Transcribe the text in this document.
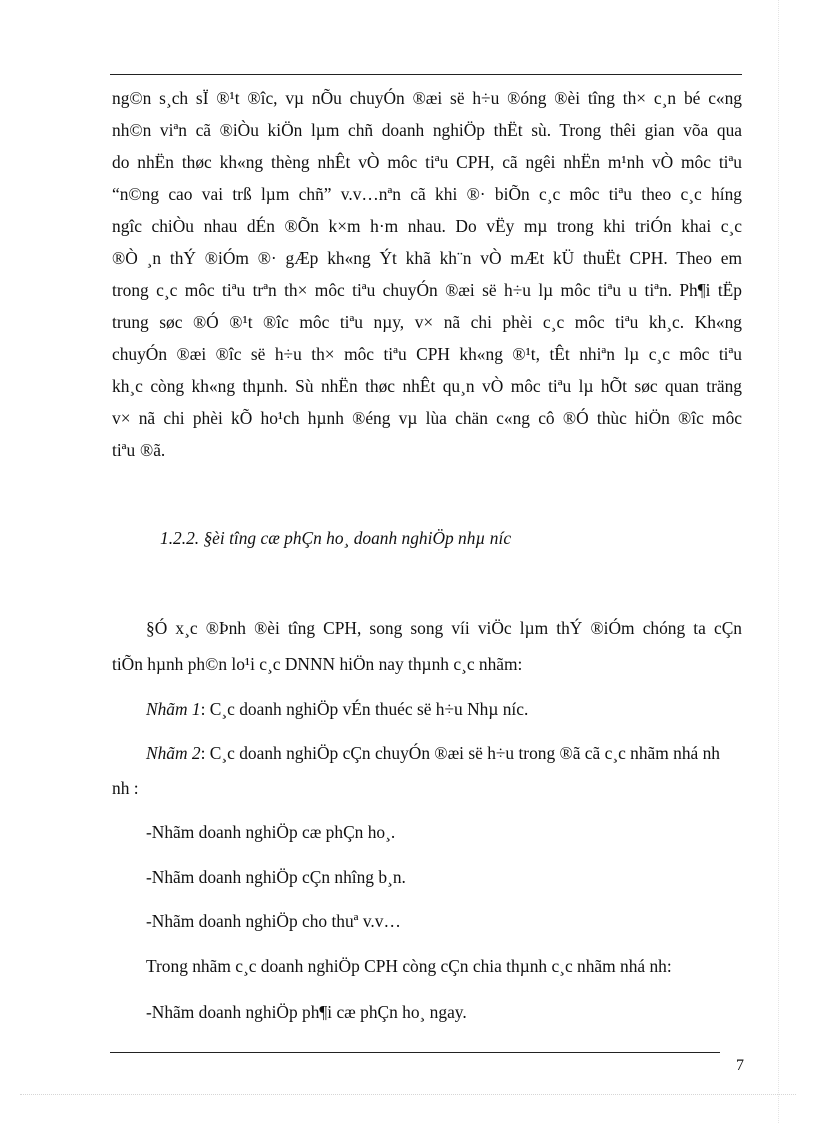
ng©n s¸ch sÏ ®¹t ®îc, vµ nÕu chuyÓn ®æi së h÷u ®óng ®èi tîng th× c¸n bé c«ng
nh©n viªn cã ®iÒu kiÖn lµm chñ doanh nghiÖp thËt sù. Trong thêi gian võa qua
do nhËn thøc kh«ng thèng nhÊt vÒ môc tiªu CPH, cã ngêi nhËn m¹nh vÒ môc tiªu
“n©ng cao vai trß lµm chñ” v.v…nªn cã khi ®· biÕn c¸c môc tiªu theo c¸c híng
ngîc chiÒu nhau dÉn ®Õn k×m h·m nhau. Do vËy mµ trong khi triÓn khai c¸c
®Ò ¸n thÝ ®iÓm ®· gÆp kh«ng Ýt khã kh¨n vÒ mÆt kÜ thuËt CPH. Theo em
trong c¸c môc tiªu trªn th× môc tiªu chuyÓn ®æi së h÷u lµ môc tiªu u tiªn. Ph¶i tËp
trung søc ®Ó ®¹t ®îc môc tiªu nµy, v× nã chi phèi c¸c môc tiªu kh¸c. Kh«ng
chuyÓn ®æi ®îc së h÷u th× môc tiªu CPH kh«ng ®¹t, tÊt nhiªn lµ c¸c môc tiªu
kh¸c còng kh«ng thµnh. Sù nhËn thøc nhÊt qu¸n vÒ môc tiªu lµ hÕt søc quan träng
v× nã chi phèi kÕ ho¹ch hµnh ®éng vµ lùa chän c«ng cô ®Ó thùc hiÖn ®îc môc
tiªu ®ã.

1.2.2. §èi tîng cæ phÇn ho¸ doanh nghiÖp nhµ níc
§Ó x¸c ®Þnh ®èi tîng CPH, song song víi viÖc lµm thÝ ®iÓm chóng ta cÇn
tiÕn hµnh ph©n lo¹i c¸c DNNN hiÖn nay thµnh c¸c nhãm:
Nhãm 1: C¸c doanh nghiÖp vÉn thuéc së h÷u Nhµ níc.
Nhãm 2: C¸c doanh nghiÖp cÇn chuyÓn ®æi së h÷u trong ®ã cã c¸c nhãm nhá nh
nh :
-Nhãm doanh nghiÖp cæ phÇn ho¸.
-Nhãm doanh nghiÖp cÇn nhîng b¸n.
-Nhãm doanh nghiÖp cho thuª v.v…
Trong nhãm c¸c doanh nghiÖp CPH còng cÇn chia thµnh c¸c nhãm nhá nh:
-Nhãm doanh nghiÖp ph¶i cæ phÇn ho¸ ngay.
7
